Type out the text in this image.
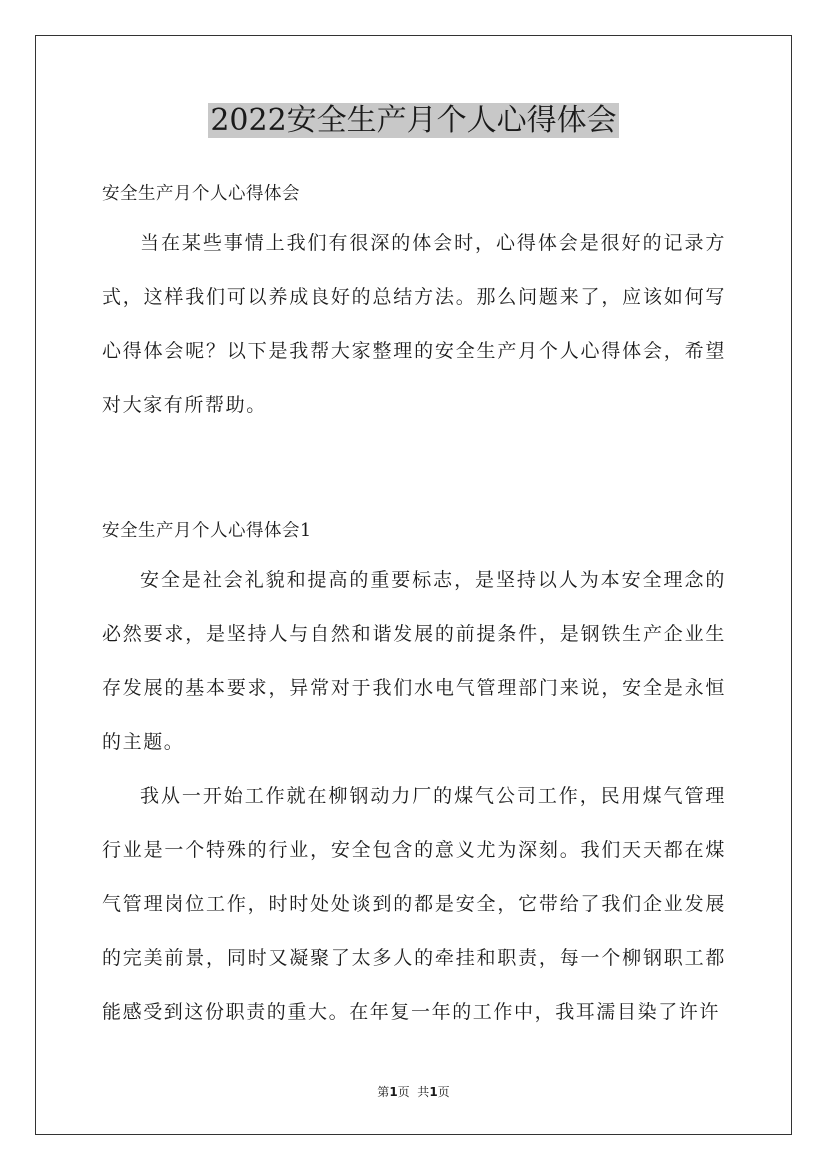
2022安全生产月个人心得体会

安全生产月个人心得体会

当在某些事情上我们有很深的体会时，心得体会是很好的记录方式，这样我们可以养成良好的总结方法。那么问题来了，应该如何写心得体会呢？以下是我帮大家整理的安全生产月个人心得体会，希望对大家有所帮助。

安全生产月个人心得体会1

安全是社会礼貌和提高的重要标志，是坚持以人为本安全理念的必然要求，是坚持人与自然和谐发展的前提条件，是钢铁生产企业生存发展的基本要求，异常对于我们水电气管理部门来说，安全是永恒的主题。

我从一开始工作就在柳钢动力厂的煤气公司工作，民用煤气管理行业是一个特殊的行业，安全包含的意义尤为深刻。我们天天都在煤气管理岗位工作，时时处处谈到的都是安全，它带给了我们企业发展的完美前景，同时又凝聚了太多人的牵挂和职责，每一个柳钢职工都能感受到这份职责的重大。在年复一年的工作中，我耳濡目染了许许

第1页  共1页
